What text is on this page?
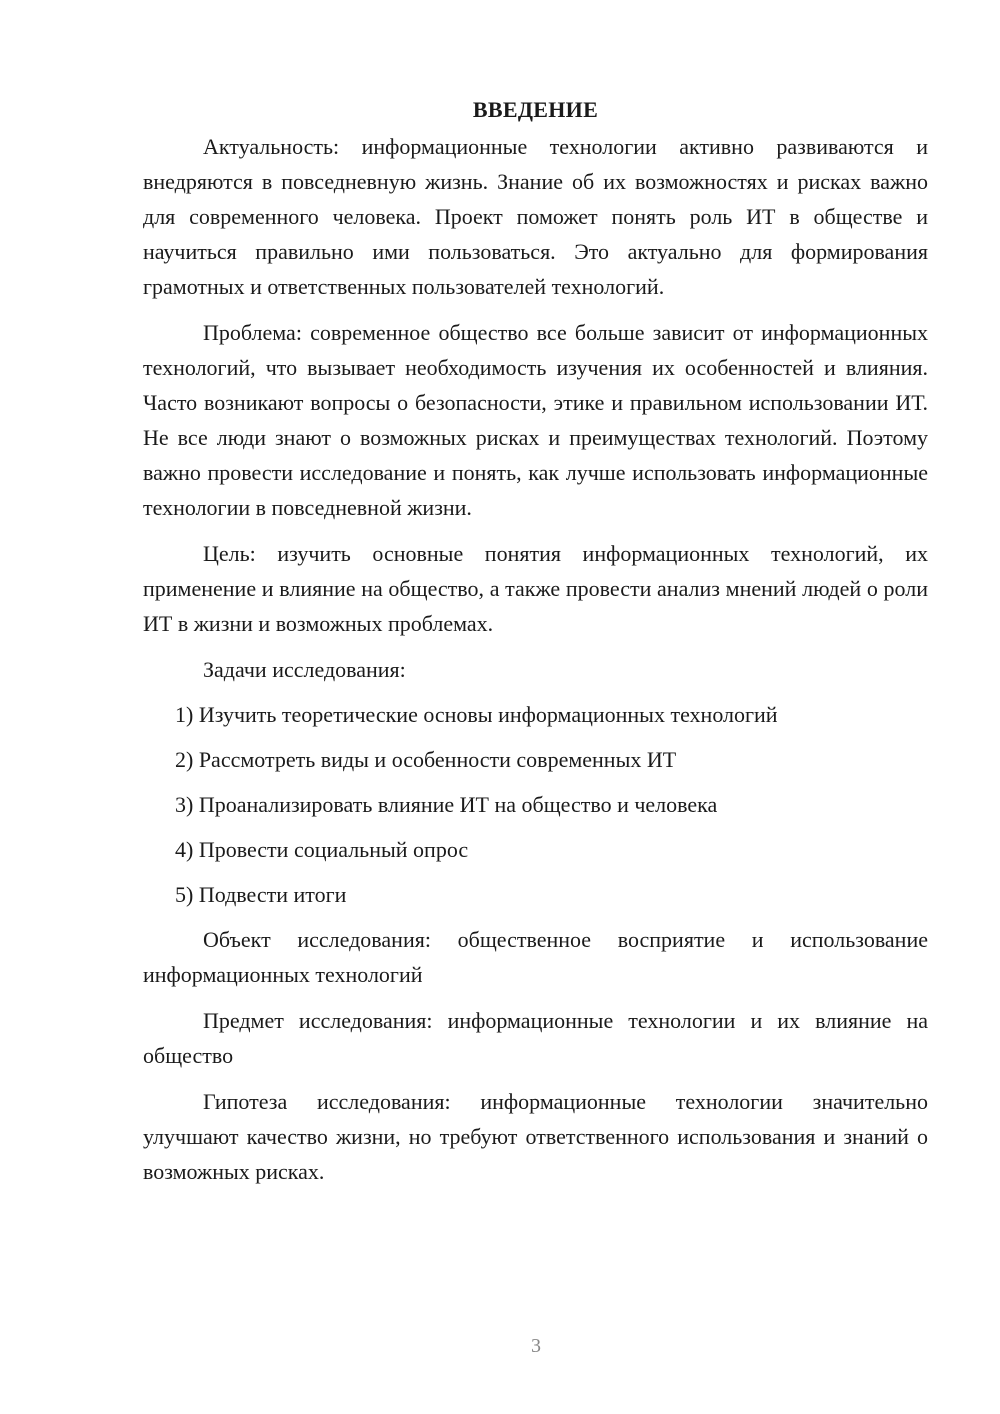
ВВЕДЕНИЕ

Актуальность: информационные технологии активно развиваются и внедряются в повседневную жизнь. Знание об их возможностях и рисках важно для современного человека. Проект поможет понять роль ИТ в обществе и научиться правильно ими пользоваться. Это актуально для формирования грамотных и ответственных пользователей технологий.

Проблема: современное общество все больше зависит от информационных технологий, что вызывает необходимость изучения их особенностей и влияния. Часто возникают вопросы о безопасности, этике и правильном использовании ИТ. Не все люди знают о возможных рисках и преимуществах технологий. Поэтому важно провести исследование и понять, как лучше использовать информационные технологии в повседневной жизни.

Цель: изучить основные понятия информационных технологий, их применение и влияние на общество, а также провести анализ мнений людей о роли ИТ в жизни и возможных проблемах.

Задачи исследования:

1) Изучить теоретические основы информационных технологий
2) Рассмотреть виды и особенности современных ИТ
3) Проанализировать влияние ИТ на общество и человека
4) Провести социальный опрос
5) Подвести итоги

Объект исследования: общественное восприятие и использование информационных технологий

Предмет исследования: информационные технологии и их влияние на общество

Гипотеза исследования: информационные технологии значительно улучшают качество жизни, но требуют ответственного использования и знаний о возможных рисках.

3
